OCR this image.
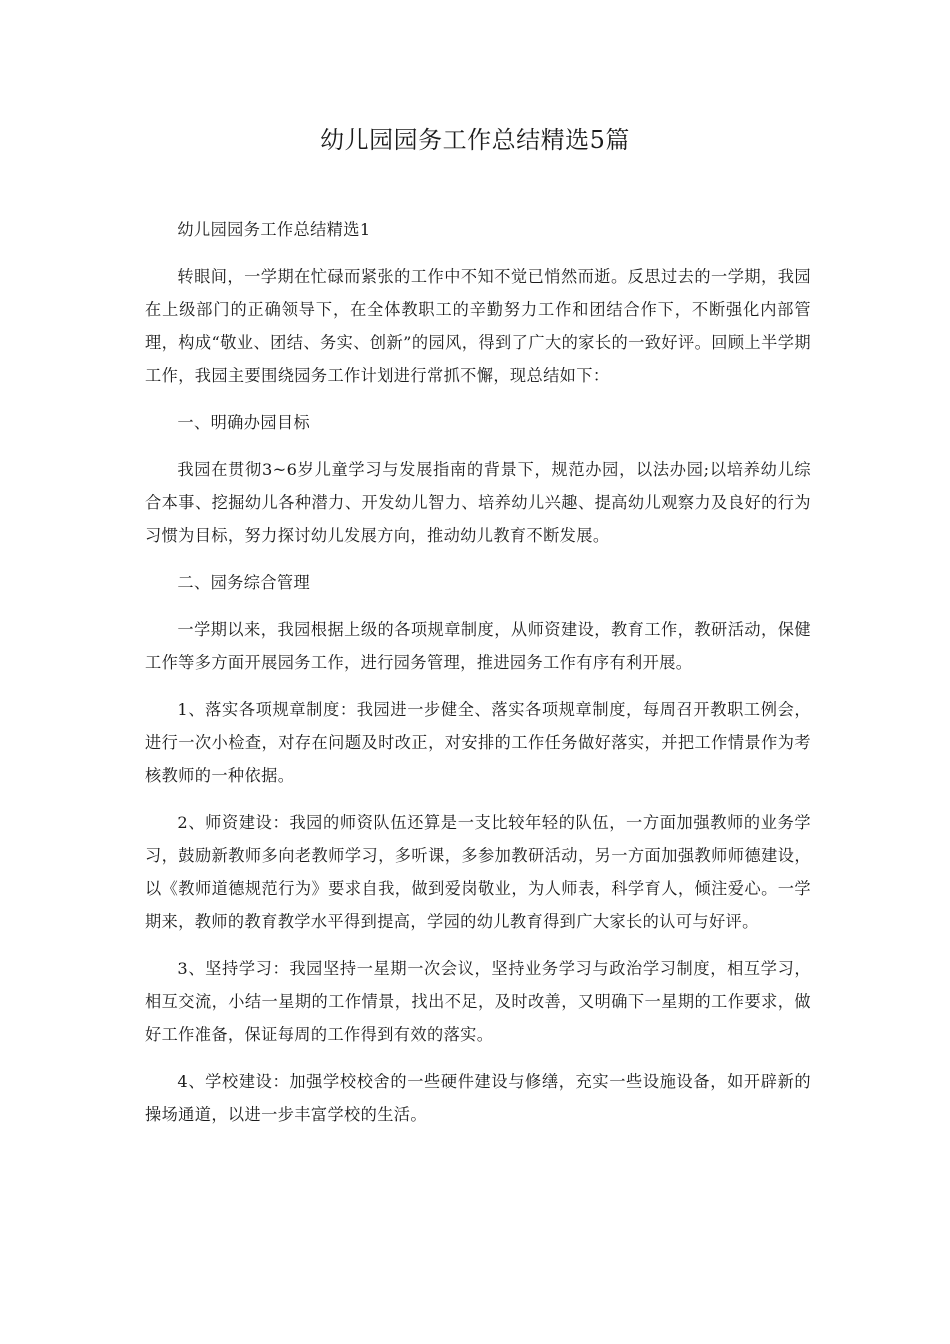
幼儿园园务工作总结精选5篇

幼儿园园务工作总结精选1

转眼间，一学期在忙碌而紧张的工作中不知不觉已悄然而逝。反思过去的一学期，我园在上级部门的正确领导下，在全体教职工的辛勤努力工作和团结合作下，不断强化内部管理，构成“敬业、团结、务实、创新”的园风，得到了广大的家长的一致好评。回顾上半学期工作，我园主要围绕园务工作计划进行常抓不懈，现总结如下：

一、明确办园目标

我园在贯彻3~6岁儿童学习与发展指南的背景下，规范办园，以法办园;以培养幼儿综合本事、挖掘幼儿各种潜力、开发幼儿智力、培养幼儿兴趣、提高幼儿观察力及良好的行为习惯为目标，努力探讨幼儿发展方向，推动幼儿教育不断发展。

二、园务综合管理

一学期以来，我园根据上级的各项规章制度，从师资建设，教育工作，教研活动，保健工作等多方面开展园务工作，进行园务管理，推进园务工作有序有利开展。

1、落实各项规章制度：我园进一步健全、落实各项规章制度，每周召开教职工例会，进行一次小检查，对存在问题及时改正，对安排的工作任务做好落实，并把工作情景作为考核教师的一种依据。

2、师资建设：我园的师资队伍还算是一支比较年轻的队伍，一方面加强教师的业务学习，鼓励新教师多向老教师学习，多听课，多参加教研活动，另一方面加强教师师德建设，以《教师道德规范行为》要求自我，做到爱岗敬业，为人师表，科学育人，倾注爱心。一学期来，教师的教育教学水平得到提高，学园的幼儿教育得到广大家长的认可与好评。

3、坚持学习：我园坚持一星期一次会议，坚持业务学习与政治学习制度，相互学习，相互交流，小结一星期的工作情景，找出不足，及时改善，又明确下一星期的工作要求，做好工作准备，保证每周的工作得到有效的落实。

4、学校建设：加强学校校舍的一些硬件建设与修缮，充实一些设施设备，如开辟新的操场通道，以进一步丰富学校的生活。
